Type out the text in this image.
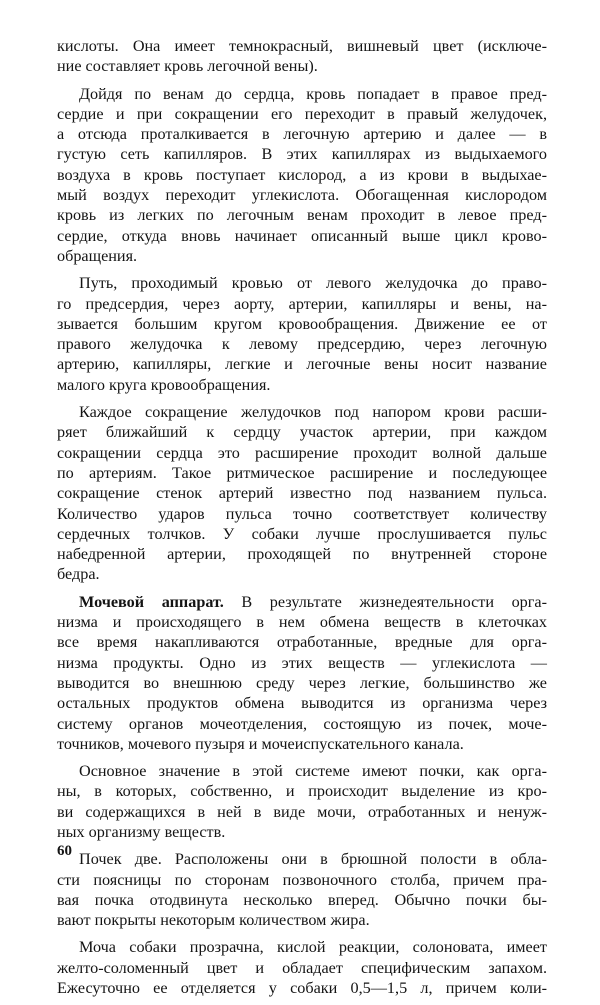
кислоты. Она имеет темнокрасный, вишневый цвет (исключе-
ние составляет кровь легочной вены).

Дойдя по венам до сердца, кровь попадает в правое пред-
сердие и при сокращении его переходит в правый желудочек,
а отсюда проталкивается в легочную артерию и далее — в
густую сеть капилляров. В этих капиллярах из выдыхаемого
воздуха в кровь поступает кислород, а из крови в выдыхае-
мый воздух переходит углекислота. Обогащенная кислородом
кровь из легких по легочным венам проходит в левое пред-
сердие, откуда вновь начинает описанный выше цикл крово-
обращения.

Путь, проходимый кровью от левого желудочка до право-
го предсердия, через аорту, артерии, капилляры и вены, на-
зывается большим кругом кровообращения. Движение ее от
правого желудочка к левому предсердию, через легочную
артерию, капилляры, легкие и легочные вены носит название
малого круга кровообращения.

Каждое сокращение желудочков под напором крови расши-
ряет ближайший к сердцу участок артерии, при каждом
сокращении сердца это расширение проходит волной дальше
по артериям. Такое ритмическое расширение и последующее
сокращение стенок артерий известно под названием пульса.
Количество ударов пульса точно соответствует количеству
сердечных толчков. У собаки лучше прослушивается пульс
набедренной артерии, проходящей по внутренней стороне
бедра.

Мочевой аппарат. В результате жизнедеятельности орга-
низма и происходящего в нем обмена веществ в клеточках
все время накапливаются отработанные, вредные для орга-
низма продукты. Одно из этих веществ — углекислота —
выводится во внешнюю среду через легкие, большинство же
остальных продуктов обмена выводится из организма через
систему органов мочеотделения, состоящую из почек, моче-
точников, мочевого пузыря и мочеиспускательного канала.

Основное значение в этой системе имеют почки, как орга-
ны, в которых, собственно, и происходит выделение из кро-
ви содержащихся в ней в виде мочи, отработанных и ненуж-
ных организму веществ.

Почек две. Расположены они в брюшной полости в обла-
сти поясницы по сторонам позвоночного столба, причем пра-
вая почка отодвинута несколько вперед. Обычно почки бы-
вают покрыты некоторым количеством жира.

Моча собаки прозрачна, кислой реакции, солоновата, имеет
желто-соломенный цвет и обладает специфическим запахом.
Ежесуточно ее отделяется у собаки 0,5—1,5 л, причем коли-

60
